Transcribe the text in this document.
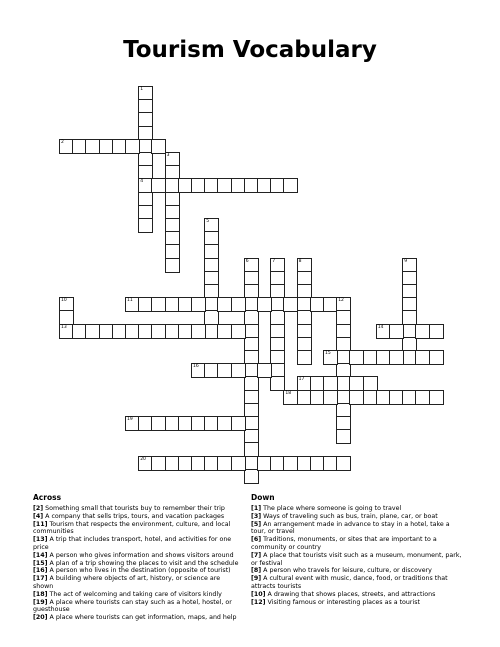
Tourism Vocabulary
1
4
2
3
5
6	7	8	9
10
13
11	12
14
15
16
17
18
19
20
Across
[2] Something small that tourists buy to remember their trip
[4] A company that sells trips, tours, and vacation packages
[11] Tourism that respects the environment, culture, and local communities
[13] A trip that includes transport, hotel, and activities for one price
[14] A person who gives information and shows visitors around
[15] A plan of a trip showing the places to visit and the schedule
[16] A person who lives in the destination (opposite of tourist)
[17] A building where objects of art, history, or science are shown
[18] The act of welcoming and taking care of visitors kindly
[19] A place where tourists can stay such as a hotel, hostel, or guesthouse
[20] A place where tourists can get information, maps, and help
Down
[1] The place where someone is going to travel
[3] Ways of traveling such as bus, train, plane, car, or boat
[5] An arrangement made in advance to stay in a hotel, take a tour, or travel
[6] Traditions, monuments, or sites that are important to a community or country
[7] A place that tourists visit such as a museum, monument, park, or festival
[8] A person who travels for leisure, culture, or discovery
[9] A cultural event with music, dance, food, or traditions that attracts tourists
[10] A drawing that shows places, streets, and attractions
[12] Visiting famous or interesting places as a tourist
